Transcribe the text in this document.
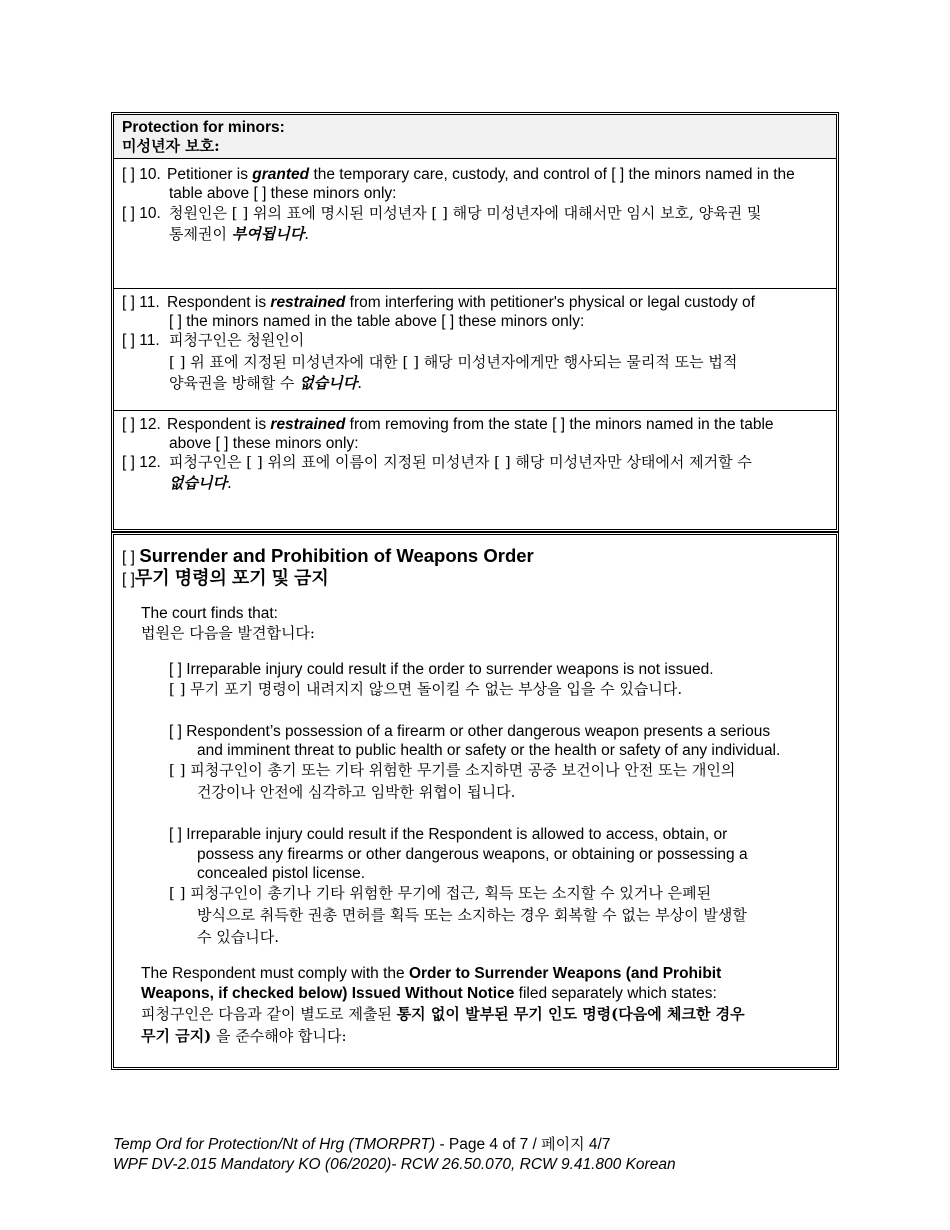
Protection for minors:
미성년자 보호:
[ ] 10. Petitioner is granted the temporary care, custody, and control of [ ] the minors named in the
table above [ ] these minors only:
[ ] 10. 청원인은 [ ] 위의 표에 명시된 미성년자 [ ] 해당 미성년자에 대해서만 임시 보호, 양육권 및
통제권이 부여됩니다.
[ ] 11. Respondent is restrained from interfering with petitioner's physical or legal custody of
[ ] the minors named in the table above [ ] these minors only:
[ ] 11. 피청구인은 청원인이
[ ] 위 표에 지정된 미성년자에 대한 [ ] 해당 미성년자에게만 행사되는 물리적 또는 법적
양육권을 방해할 수 없습니다.
[ ] 12. Respondent is restrained from removing from the state [ ] the minors named in the table
above [ ] these minors only:
[ ] 12. 피청구인은 [ ] 위의 표에 이름이 지정된 미성년자 [ ] 해당 미성년자만 상태에서 제거할 수
없습니다.
[ ] Surrender and Prohibition of Weapons Order
[ ]무기 명령의 포기 및 금지
The court finds that:
법원은 다음을 발견합니다:
[ ] Irreparable injury could result if the order to surrender weapons is not issued.
[ ] 무기 포기 명령이 내려지지 않으면 돌이킬 수 없는 부상을 입을 수 있습니다.
[ ] Respondent’s possession of a firearm or other dangerous weapon presents a serious
and imminent threat to public health or safety or the health or safety of any individual.
[ ] 피청구인이 총기 또는 기타 위험한 무기를 소지하면 공중 보건이나 안전 또는 개인의
건강이나 안전에 심각하고 임박한 위협이 됩니다.
[ ] Irreparable injury could result if the Respondent is allowed to access, obtain, or
possess any firearms or other dangerous weapons, or obtaining or possessing a
concealed pistol license.
[ ] 피청구인이 총기나 기타 위험한 무기에 접근, 획득 또는 소지할 수 있거나 은폐된
방식으로 취득한 권총 면허를 획득 또는 소지하는 경우 회복할 수 없는 부상이 발생할
수 있습니다.
The Respondent must comply with the Order to Surrender Weapons (and Prohibit
Weapons, if checked below) Issued Without Notice filed separately which states:
피청구인은 다음과 같이 별도로 제출된 통지 없이 발부된 무기 인도 명령(다음에 체크한 경우
무기 금지) 을 준수해야 합니다:
Temp Ord for Protection/Nt of Hrg (TMORPRT) - Page 4 of 7 / 페이지 4/7
WPF DV-2.015 Mandatory KO (06/2020)- RCW 26.50.070, RCW 9.41.800 Korean
